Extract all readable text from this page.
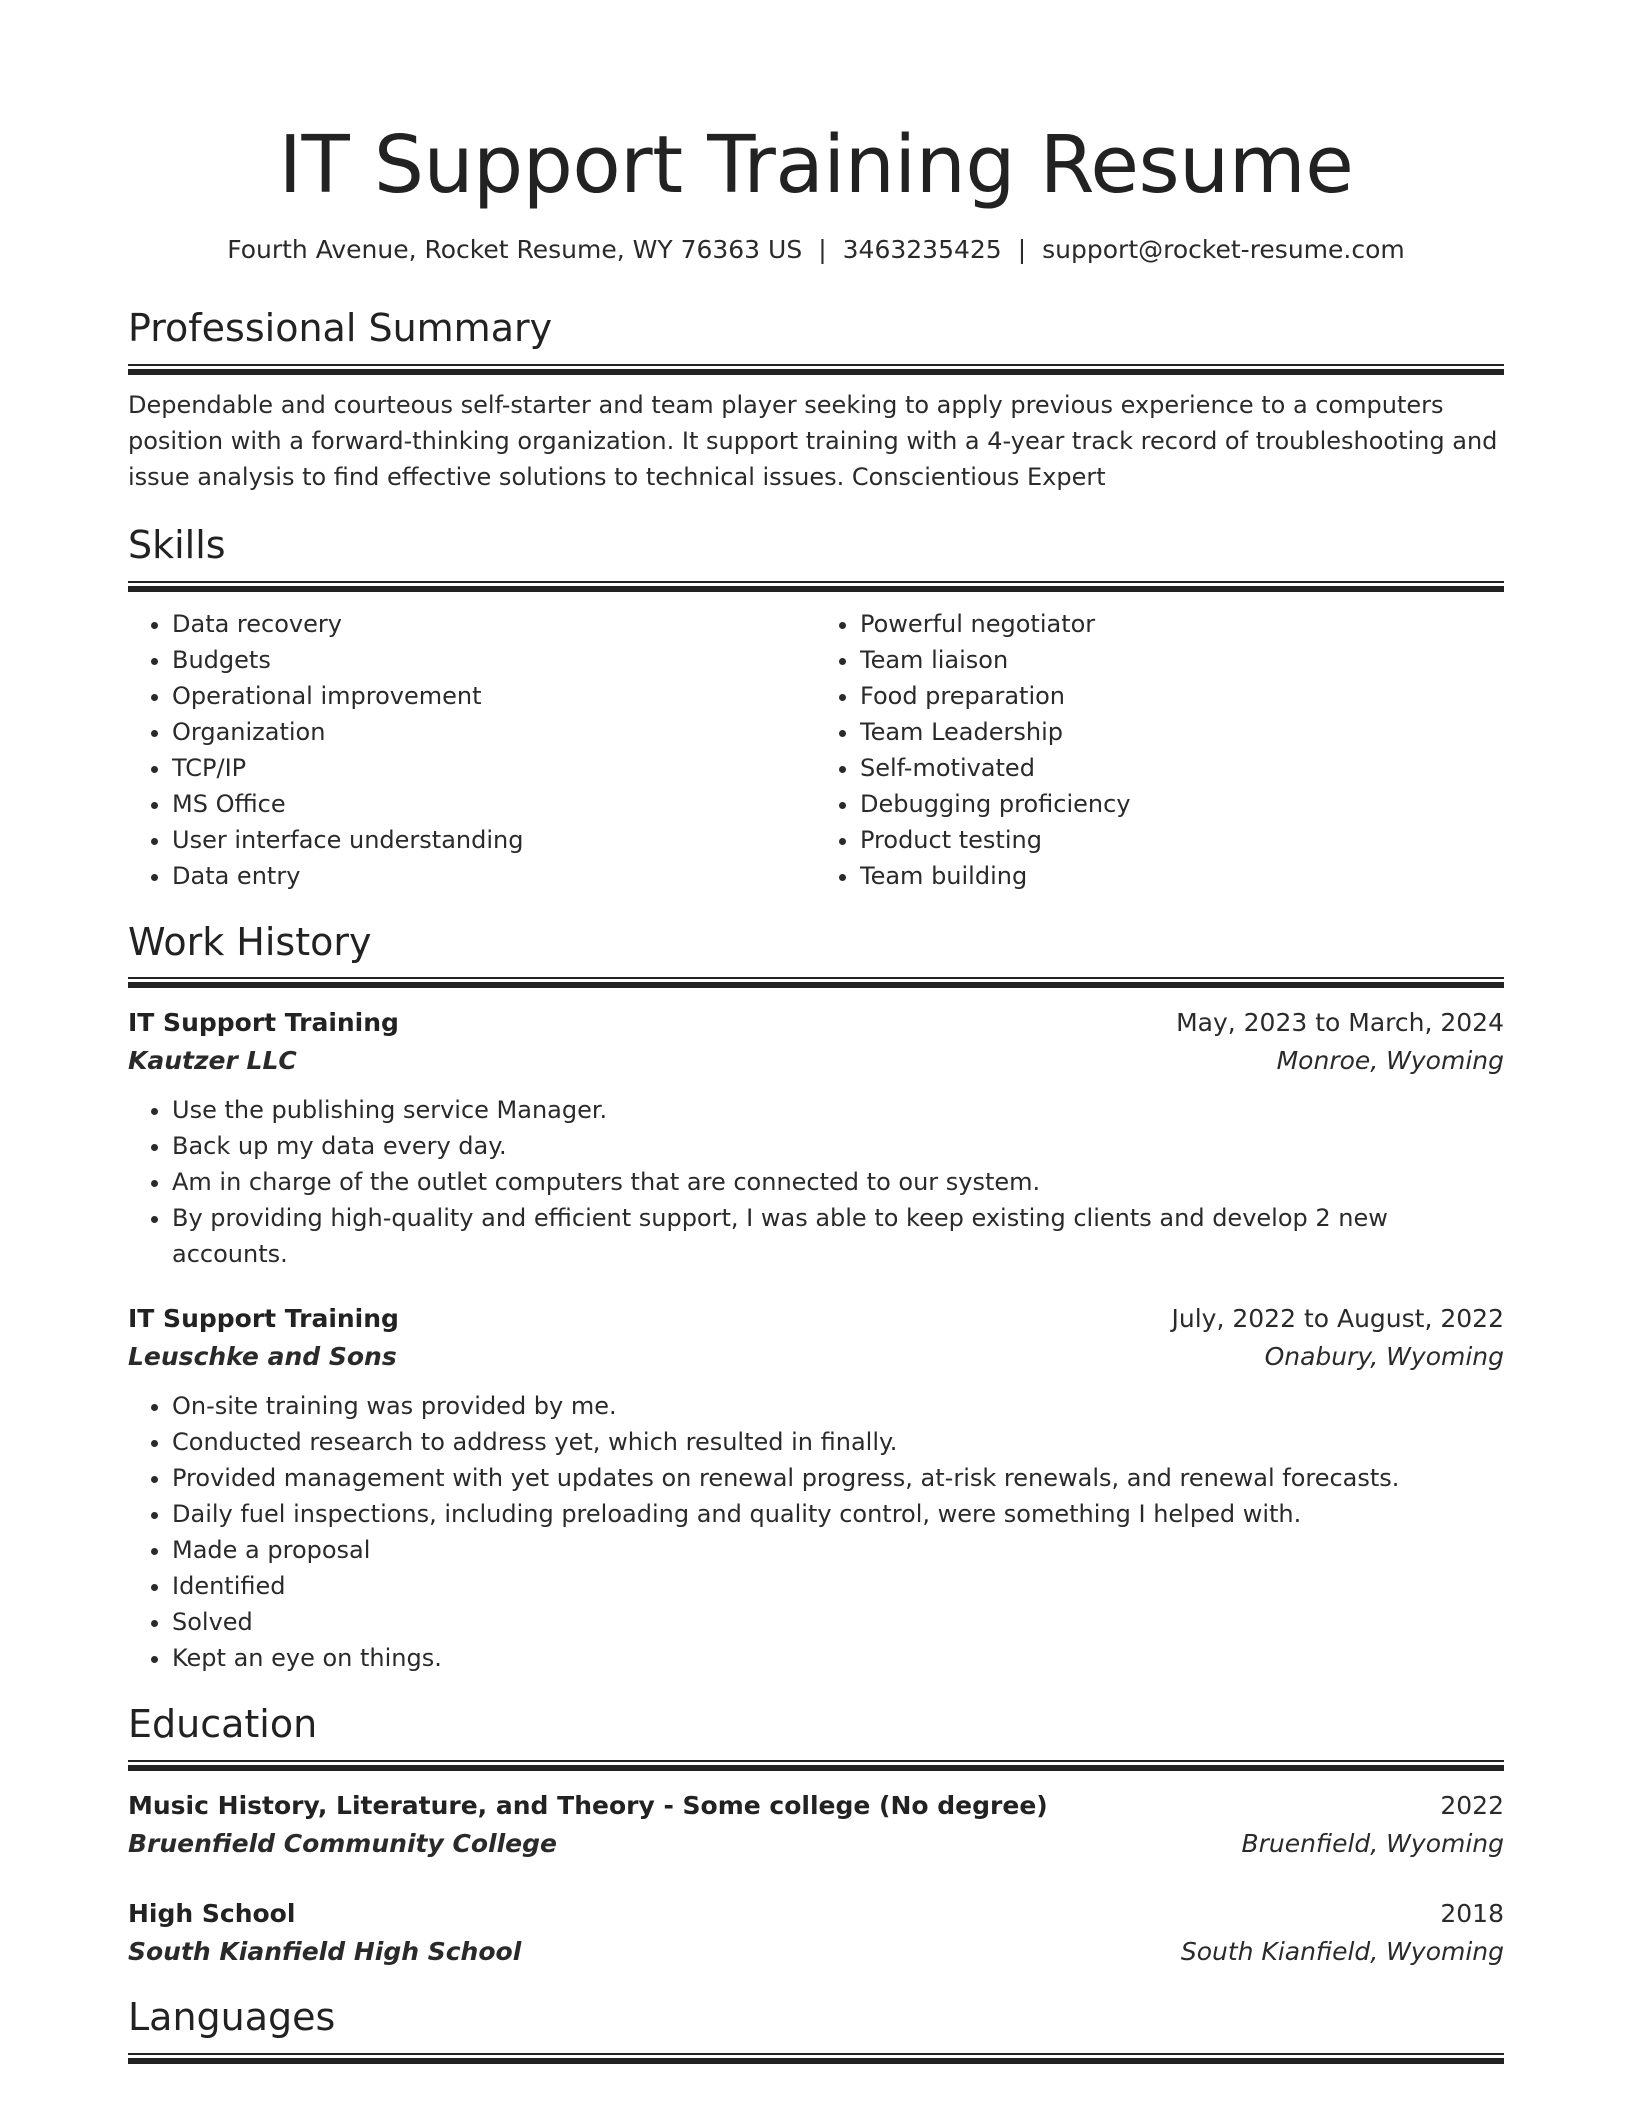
IT Support Training Resume
Fourth Avenue, Rocket Resume, WY 76363 US | 3463235425 | support@rocket-resume.com
Professional Summary

Dependable and courteous self-starter and team player seeking to apply previous experience to a computers position with a forward-thinking organization. It support training with a 4-year track record of troubleshooting and issue analysis to find effective solutions to technical issues. Conscientious Expert

Skills
• Data recovery
• Budgets
• Operational improvement
• Organization
• TCP/IP
• MS Office
• User interface understanding
• Data entry
• Powerful negotiator
• Team liaison
• Food preparation
• Team Leadership
• Self-motivated
• Debugging proficiency
• Product testing
• Team building
Work History
IT Support Training	May, 2023 to March, 2024
Kautzer LLC	Monroe, Wyoming
• Use the publishing service Manager.
• Back up my data every day.
• Am in charge of the outlet computers that are connected to our system.
• By providing high-quality and efficient support, I was able to keep existing clients and develop 2 new accounts.
IT Support Training	July, 2022 to August, 2022
Leuschke and Sons	Onabury, Wyoming
• On-site training was provided by me.
• Conducted research to address yet, which resulted in finally.
• Provided management with yet updates on renewal progress, at-risk renewals, and renewal forecasts.
• Daily fuel inspections, including preloading and quality control, were something I helped with.
• Made a proposal
• Identified
• Solved
• Kept an eye on things.
Education
Music History, Literature, and Theory - Some college (No degree)	2022
Bruenfield Community College	Bruenfield, Wyoming
High School	2018
South Kianfield High School	South Kianfield, Wyoming
Languages
